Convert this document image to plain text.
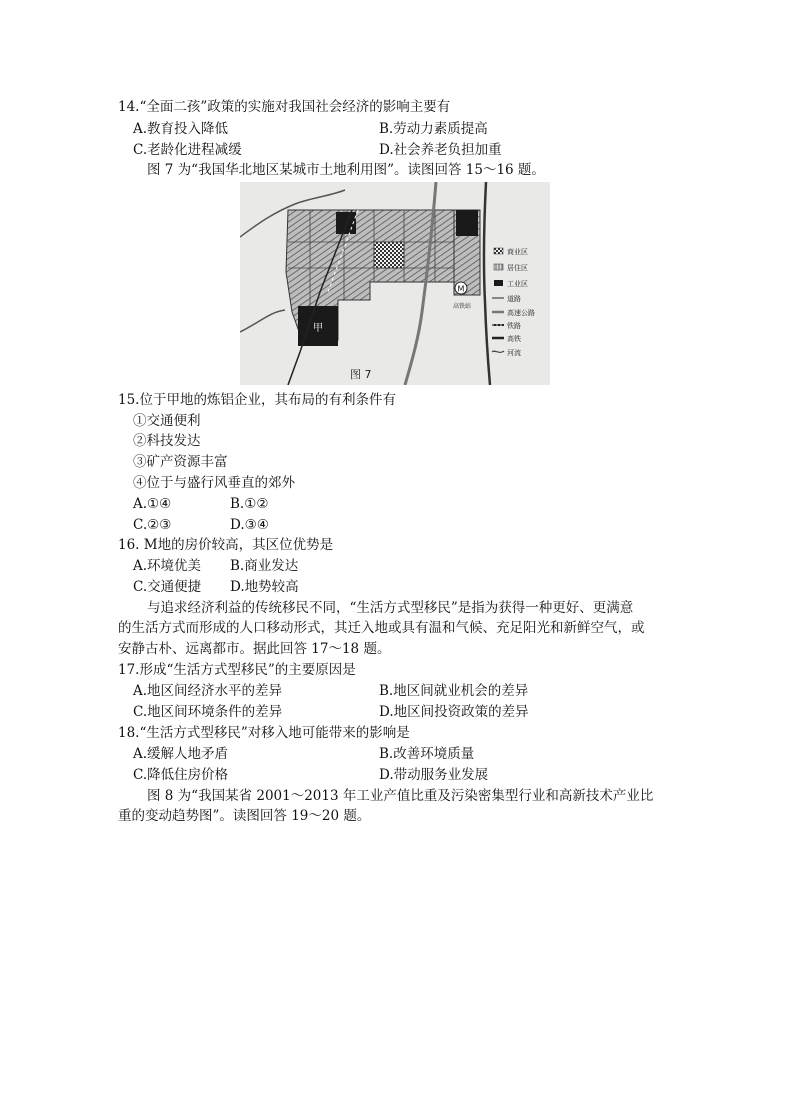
14.“全面二孩”政策的实施对我国社会经济的影响主要有
A.教育投入降低	B.劳动力素质提高
C.老龄化进程减缓	D.社会养老负担加重
图 7 为“我国华北地区某城市土地利用图”。读图回答 15～16 题。
M
甲
高铁站
图 7
商业区
居住区
工业区
道路
高速公路
铁路
高铁
河流
15.位于甲地的炼铝企业，其布局的有利条件有
①交通便利
②科技发达
③矿产资源丰富
④位于与盛行风垂直的郊外
A.①④	B.①②
C.②③	D.③④
16. M地的房价较高，其区位优势是
A.环境优美 B.商业发达
C.交通便捷 D.地势较高
与追求经济利益的传统移民不同，“生活方式型移民”是指为获得一种更好、更满意
的生活方式而形成的人口移动形式，其迁入地或具有温和气候、充足阳光和新鲜空气，或
安静古朴、远离都市。据此回答 17～18 题。
17.形成“生活方式型移民”的主要原因是
A.地区间经济水平的差异	B.地区间就业机会的差异
C.地区间环境条件的差异	D.地区间投资政策的差异
18.“生活方式型移民”对移入地可能带来的影响是
A.缓解人地矛盾	B.改善环境质量
C.降低住房价格	D.带动服务业发展
图 8 为“我国某省 2001～2013 年工业产值比重及污染密集型行业和高新技术产业比
重的变动趋势图”。读图回答 19～20 题。
